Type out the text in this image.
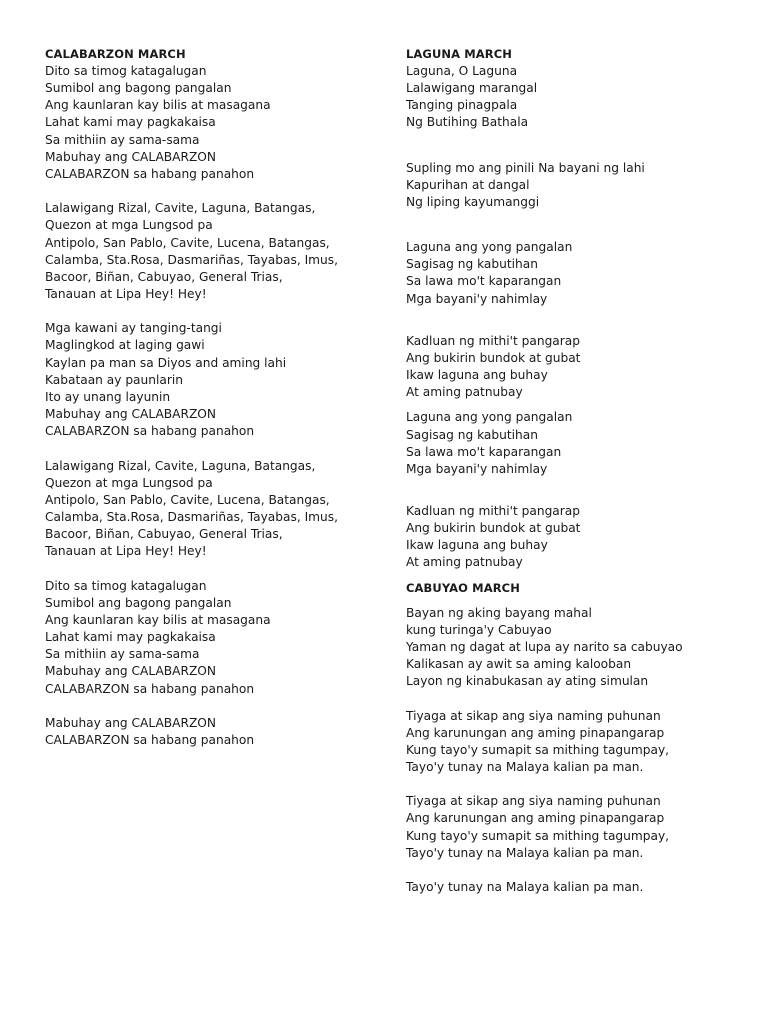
CALABARZON MARCH
Dito sa timog katagalugan
Sumibol ang bagong pangalan
Ang kaunlaran kay bilis at masagana
Lahat kami may pagkakaisa
Sa mithiin ay sama-sama
Mabuhay ang CALABARZON
CALABARZON sa habang panahon
Lalawigang Rizal, Cavite, Laguna, Batangas,
Quezon at mga Lungsod pa
Antipolo, San Pablo, Cavite, Lucena, Batangas,
Calamba, Sta.Rosa, Dasmariñas, Tayabas, Imus,
Bacoor, Biñan, Cabuyao, General Trias,
Tanauan at Lipa Hey! Hey!
Mga kawani ay tanging-tangi
Maglingkod at laging gawi
Kaylan pa man sa Diyos and aming lahi
Kabataan ay paunlarin
Ito ay unang layunin
Mabuhay ang CALABARZON
CALABARZON sa habang panahon
Lalawigang Rizal, Cavite, Laguna, Batangas,
Quezon at mga Lungsod pa
Antipolo, San Pablo, Cavite, Lucena, Batangas,
Calamba, Sta.Rosa, Dasmariñas, Tayabas, Imus,
Bacoor, Biñan, Cabuyao, General Trias,
Tanauan at Lipa Hey! Hey!
Dito sa timog katagalugan
Sumibol ang bagong pangalan
Ang kaunlaran kay bilis at masagana
Lahat kami may pagkakaisa
Sa mithiin ay sama-sama
Mabuhay ang CALABARZON
CALABARZON sa habang panahon
Mabuhay ang CALABARZON
CALABARZON sa habang panahon
LAGUNA MARCH
Laguna, O Laguna
Lalawigang marangal
Tanging pinagpala
Ng Butihing Bathala
Supling mo ang pinili Na bayani ng lahi
Kapurihan at dangal
Ng liping kayumanggi
Laguna ang yong pangalan
Sagisag ng kabutihan
Sa lawa mo't kaparangan
Mga bayani'y nahimlay
Kadluan ng mithi't pangarap
Ang bukirin bundok at gubat
Ikaw laguna ang buhay
At aming patnubay
Laguna ang yong pangalan
Sagisag ng kabutihan
Sa lawa mo't kaparangan
Mga bayani'y nahimlay
Kadluan ng mithi't pangarap
Ang bukirin bundok at gubat
Ikaw laguna ang buhay
At aming patnubay
CABUYAO MARCH
Bayan ng aking bayang mahal
kung turinga'y Cabuyao
Yaman ng dagat at lupa ay narito sa cabuyao
Kalikasan ay awit sa aming kalooban
Layon ng kinabukasan ay ating simulan
Tiyaga at sikap ang siya naming puhunan
Ang karunungan ang aming pinapangarap
Kung tayo'y sumapit sa mithing tagumpay,
Tayo'y tunay na Malaya kalian pa man.
Tiyaga at sikap ang siya naming puhunan
Ang karunungan ang aming pinapangarap
Kung tayo'y sumapit sa mithing tagumpay,
Tayo'y tunay na Malaya kalian pa man.
Tayo'y tunay na Malaya kalian pa man.
